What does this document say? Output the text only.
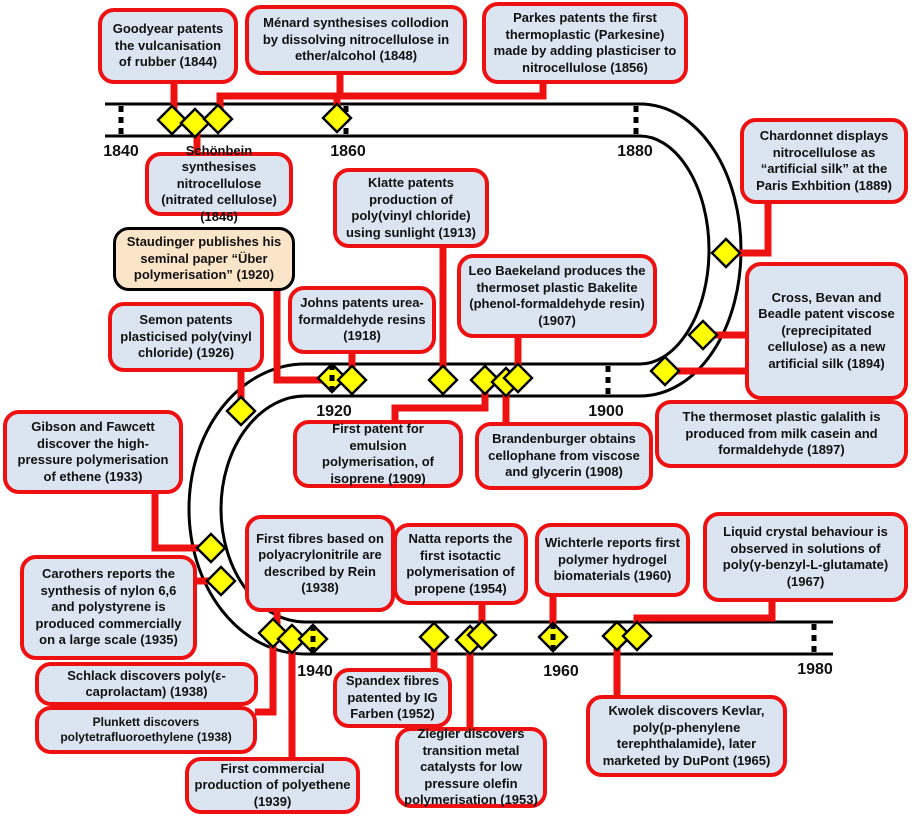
1840	1860	1880
1900
1920
1940	1960	1980
Goodyear patents the vulcanisation of rubber (1844)
Ménard synthesises collodion by dissolving nitrocellulose in ether/alcohol (1848)
Parkes patents the first thermoplastic (Parkesine) made by adding plasticiser to nitrocellulose (1856)
Schönbein synthesises nitrocellulose (nitrated cellulose) (1846)
Chardonnet displays nitrocellulose as “artificial silk” at the Paris Exhbition (1889)
Klatte patents production of poly(vinyl chloride) using sunlight (1913)
Staudinger publishes his seminal paper “Über polymerisation” (1920)
Johns patents urea-formaldehyde resins (1918)
Leo Baekeland produces the thermoset plastic Bakelite (phenol-formaldehyde resin) (1907)
Cross, Bevan and Beadle patent viscose (reprecipitated cellulose) as a new artificial silk (1894)
Semon patents plasticised poly(vinyl chloride) (1926)
The thermoset plastic galalith is produced from milk casein and formaldehyde (1897)
First patent for emulsion polymerisation, of isoprene (1909)
Brandenburger obtains cellophane from viscose and glycerin (1908)
Gibson and Fawcett discover the high-pressure polymerisation of ethene (1933)
Carothers reports the synthesis of nylon 6,6 and polystyrene is produced commercially on a large scale (1935)
First fibres based on polyacrylonitrile are described by Rein (1938)
Natta reports the first isotactic polymerisation of propene (1954)
Wichterle reports first polymer hydrogel biomaterials (1960)
Liquid crystal behaviour is observed in solutions of poly(γ-benzyl-L-glutamate) (1967)
Schlack discovers poly(ε-caprolactam) (1938)
Plunkett discovers polytetrafluoroethylene (1938)
First commercial production of polyethene (1939)
Spandex fibres patented by IG Farben (1952)
Ziegler discovers transition metal catalysts for low pressure olefin polymerisation (1953)
Kwolek discovers Kevlar, poly(p-phenylene terephthalamide), later marketed by DuPont (1965)
